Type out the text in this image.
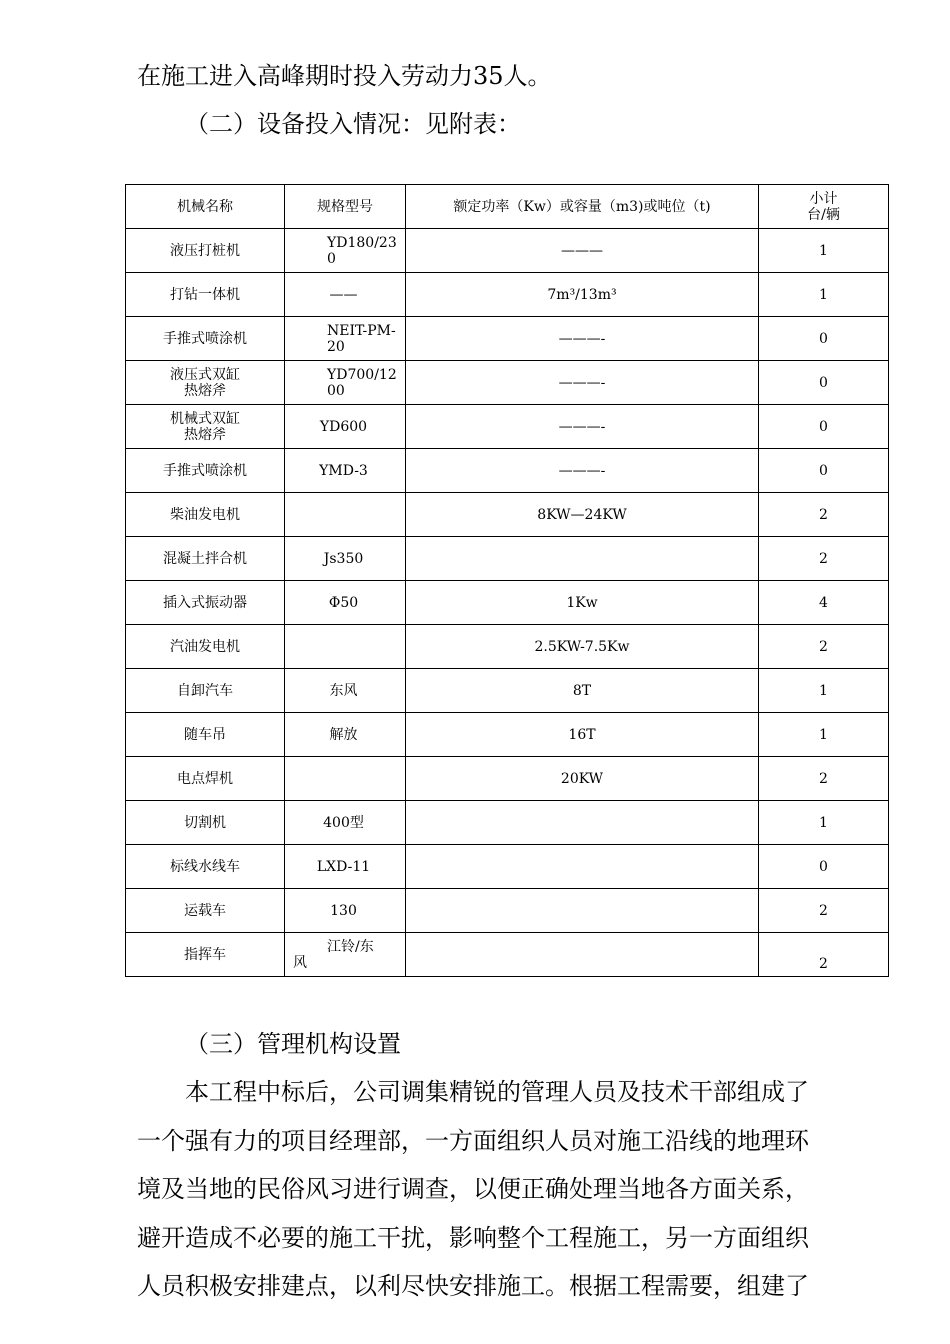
在施工进入高峰期时投入劳动力35人。
（二）设备投入情况：见附表：
机械名称	规格型号	额定功率（Kw）或容量（m3)或吨位（t)	小计
台/辆

液压打桩机	YD180/230	———	1
打钻一体机	——	7m³/13m³	1
手推式喷涂机	NEIT-PM-20	———-	0
液压式双缸热熔斧	YD700/1200	———-	0
机械式双缸热熔斧	YD600	———-	0
手推式喷涂机	YMD-3	———-	0
柴油发电机		8KW—24KW	2
混凝土拌合机	Js350		2
插入式振动器	Φ50	1Kw	4
汽油发电机		2.5KW-7.5Kw	2
自卸汽车	东风	8T	1
随车吊	解放	16T	1
电点焊机		20KW	2
切割机	400型		1
标线水线车	LXD-11		0
运载车	130		2
指挥车	江铃/东风		2
（三）管理机构设置
本工程中标后，公司调集精锐的管理人员及技术干部组成了
一个强有力的项目经理部，一方面组织人员对施工沿线的地理环
境及当地的民俗风习进行调查，以便正确处理当地各方面关系，
避开造成不必要的施工干扰，影响整个工程施工，另一方面组织
人员积极安排建点，以利尽快安排施工。根据工程需要，组建了
